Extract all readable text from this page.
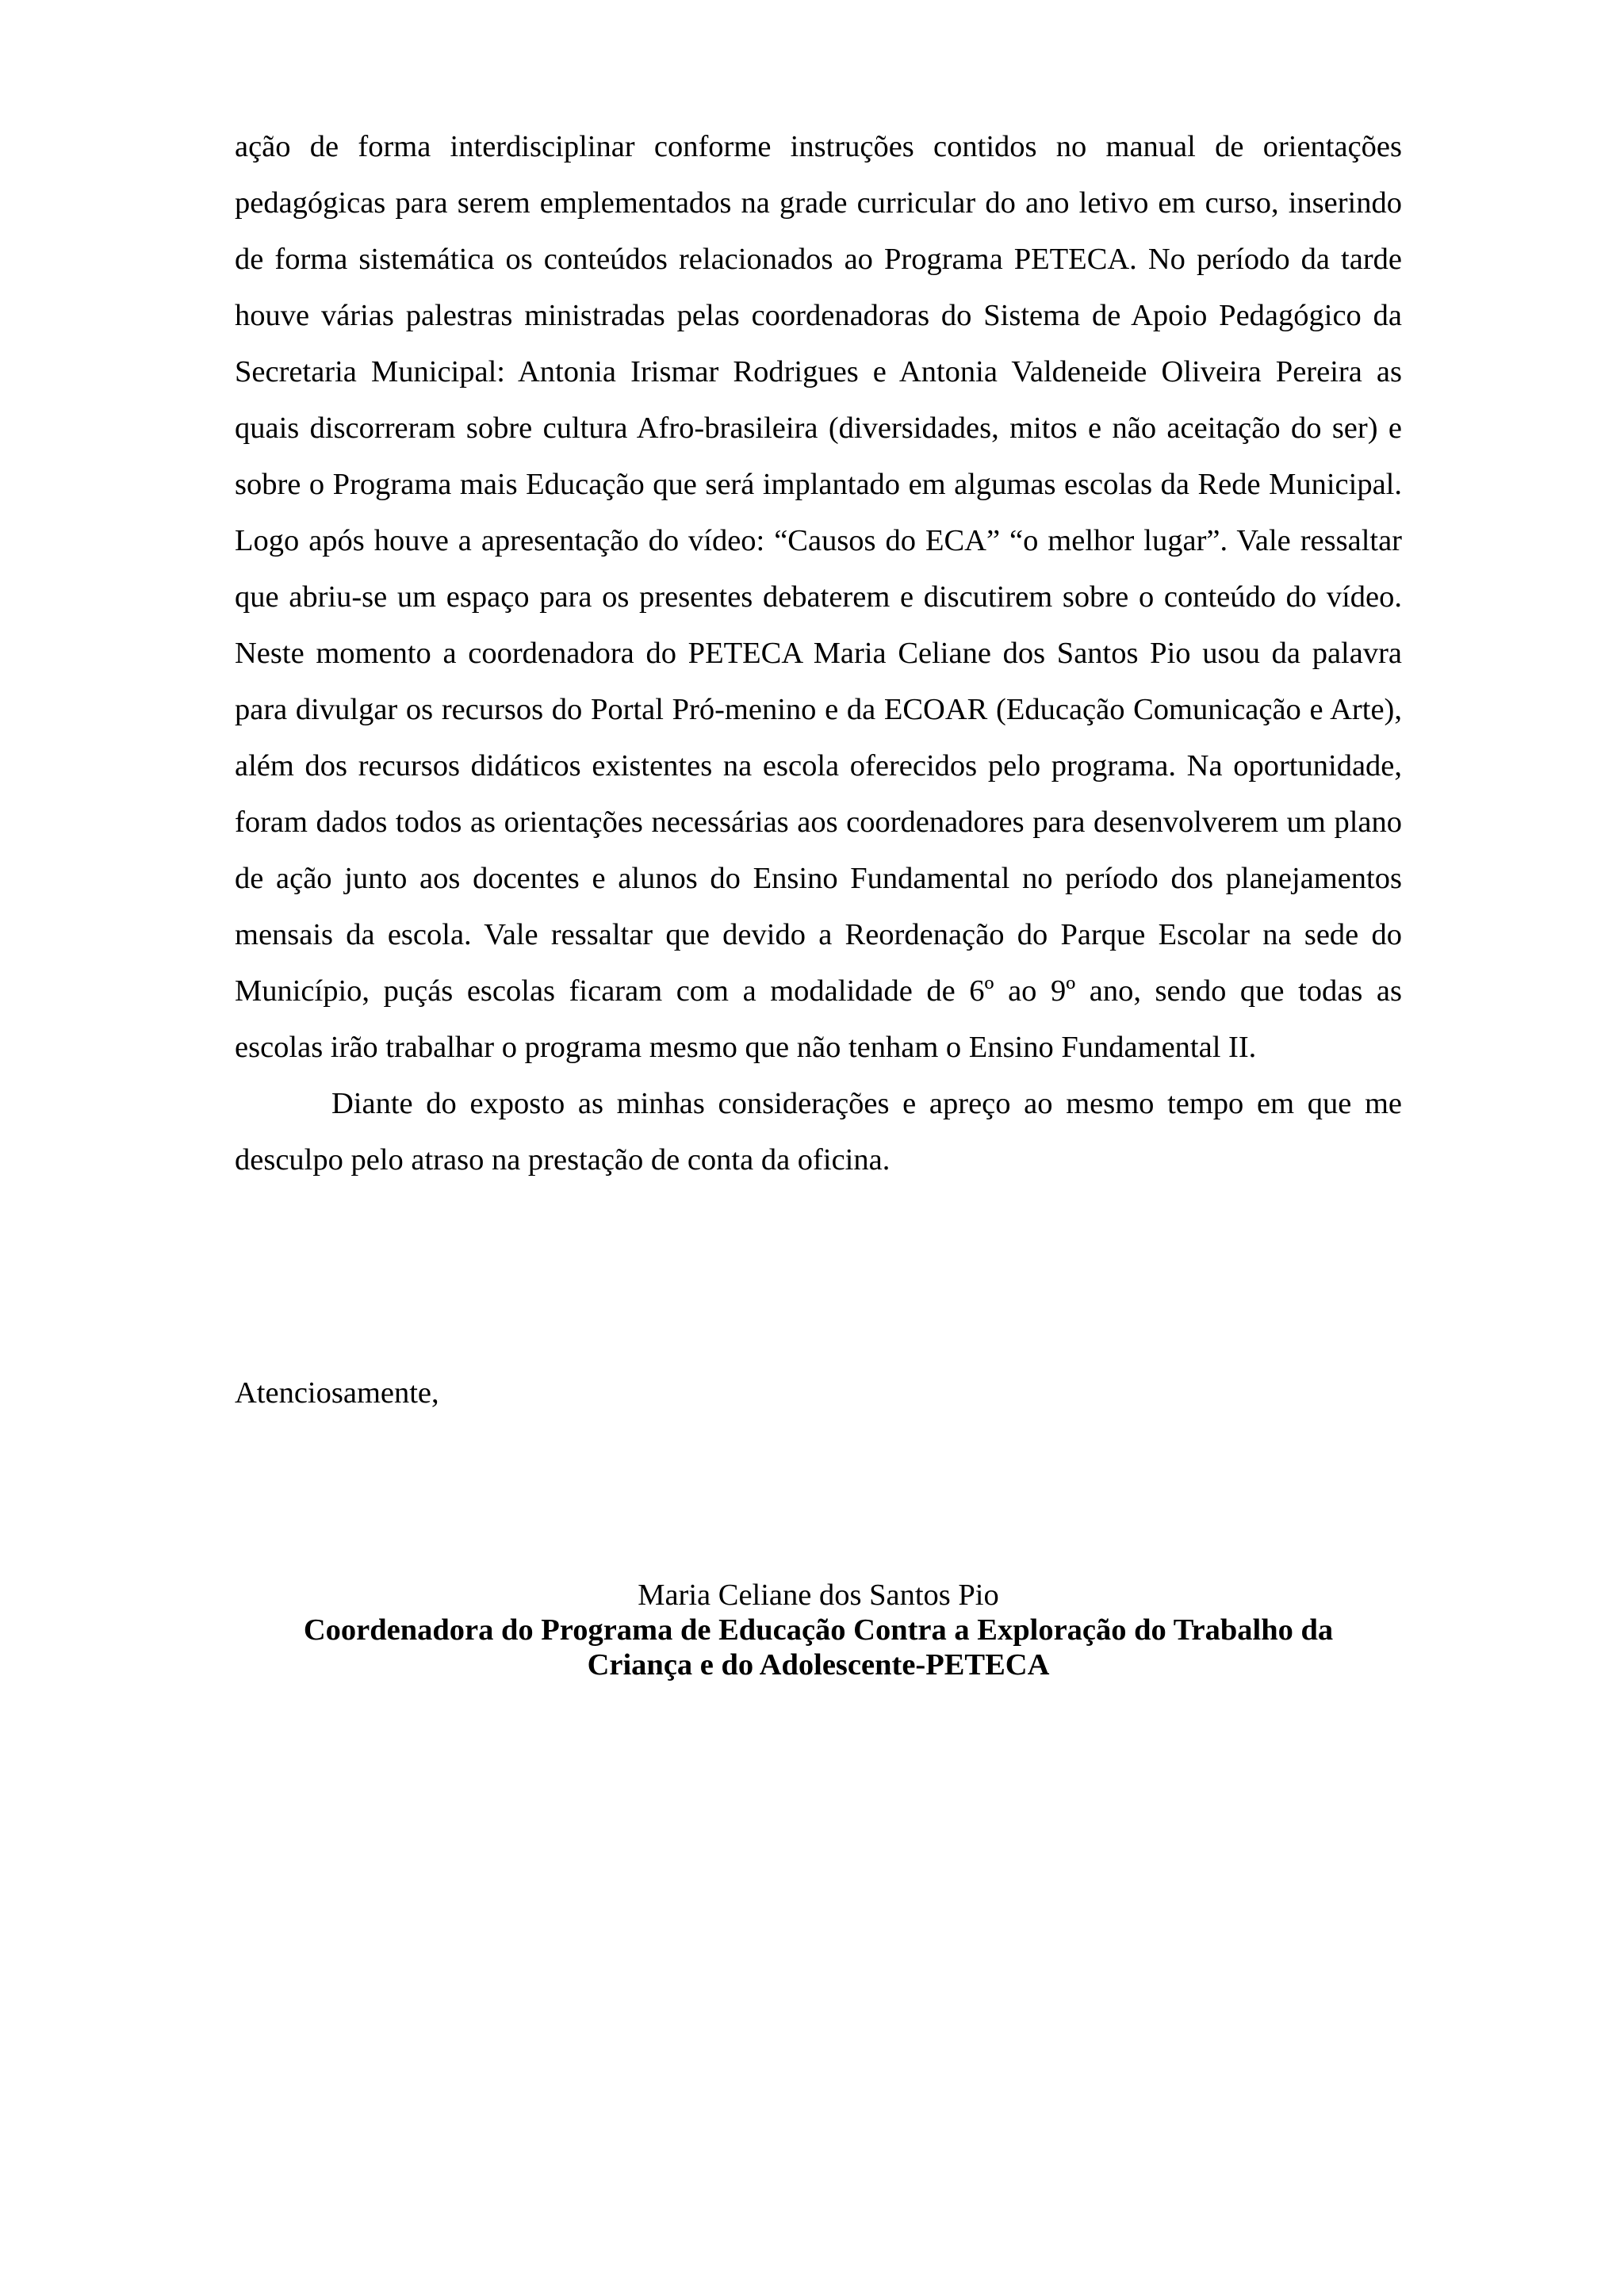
ação de forma interdisciplinar conforme instruções contidos no manual de orientações pedagógicas para serem emplementados na grade curricular do ano letivo em curso, inserindo de forma sistemática os conteúdos relacionados ao Programa PETECA. No período da tarde houve várias palestras ministradas pelas coordenadoras do Sistema de Apoio Pedagógico da Secretaria Municipal: Antonia Irismar Rodrigues e Antonia Valdeneide Oliveira Pereira as quais discorreram sobre cultura Afro-brasileira (diversidades, mitos e não aceitação do ser) e sobre o Programa mais Educação que será implantado em algumas escolas da Rede Municipal. Logo após houve a apresentação do vídeo: “Causos do ECA” “o melhor lugar”. Vale ressaltar que abriu-se um espaço para os presentes debaterem e discutirem sobre o conteúdo do vídeo. Neste momento a coordenadora do PETECA Maria Celiane dos Santos Pio usou da palavra para divulgar os recursos do Portal Pró-menino e da ECOAR (Educação Comunicação e Arte), além dos recursos didáticos existentes na escola oferecidos pelo programa. Na oportunidade, foram dados todos as orientações necessárias aos coordenadores para desenvolverem um plano de ação junto aos docentes e alunos do Ensino Fundamental no período dos planejamentos mensais da escola. Vale ressaltar que devido a Reordenação do Parque Escolar na sede do Município, puçás escolas ficaram com a modalidade de 6º ao 9º ano, sendo que todas as escolas irão trabalhar o programa mesmo que não tenham o Ensino Fundamental II.

Diante do exposto as minhas considerações e apreço ao mesmo tempo em que me desculpo pelo atraso na prestação de conta da oficina.

Atenciosamente,

Maria Celiane dos Santos Pio
Coordenadora do Programa de Educação Contra a Exploração do Trabalho da
Criança e do Adolescente-PETECA
